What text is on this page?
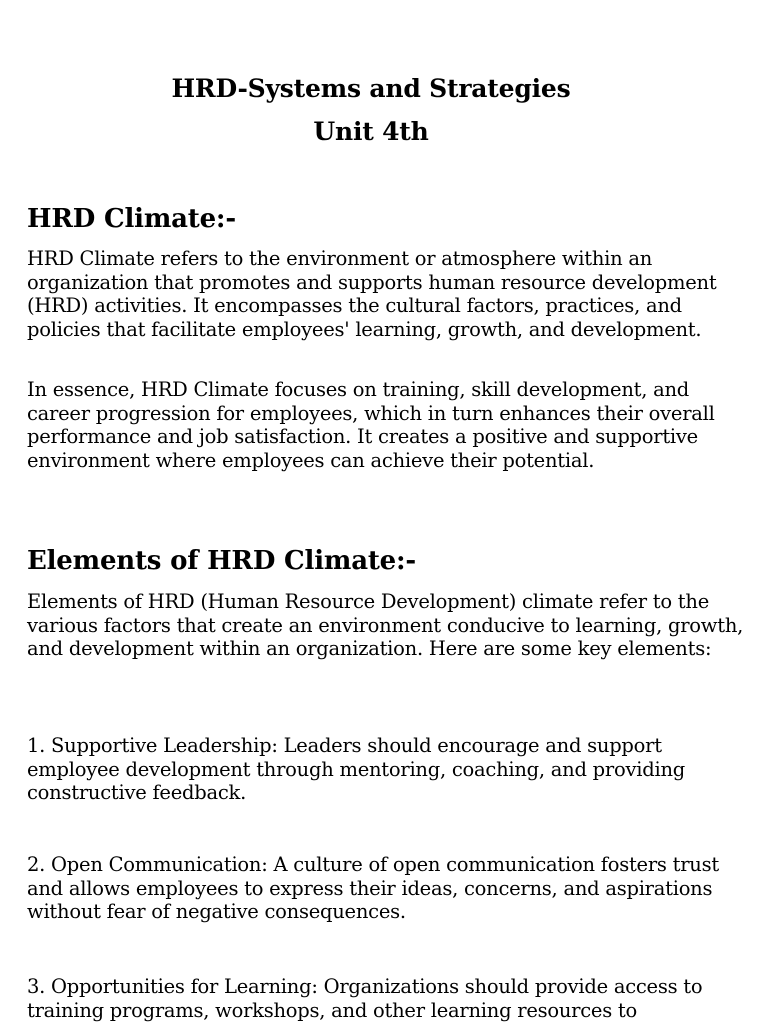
HRD-Systems and Strategies
Unit 4th
HRD Climate:-
HRD Climate refers to the environment or atmosphere within an organization that promotes and supports human resource development (HRD) activities. It encompasses the cultural factors, practices, and policies that facilitate employees' learning, growth, and development.
In essence, HRD Climate focuses on training, skill development, and career progression for employees, which in turn enhances their overall performance and job satisfaction. It creates a positive and supportive environment where employees can achieve their potential.
Elements of HRD Climate:-
Elements of HRD (Human Resource Development) climate refer to the various factors that create an environment conducive to learning, growth, and development within an organization. Here are some key elements:
1. Supportive Leadership: Leaders should encourage and support employee development through mentoring, coaching, and providing constructive feedback.
2. Open Communication: A culture of open communication fosters trust and allows employees to express their ideas, concerns, and aspirations without fear of negative consequences.
3. Opportunities for Learning: Organizations should provide access to training programs, workshops, and other learning resources to
